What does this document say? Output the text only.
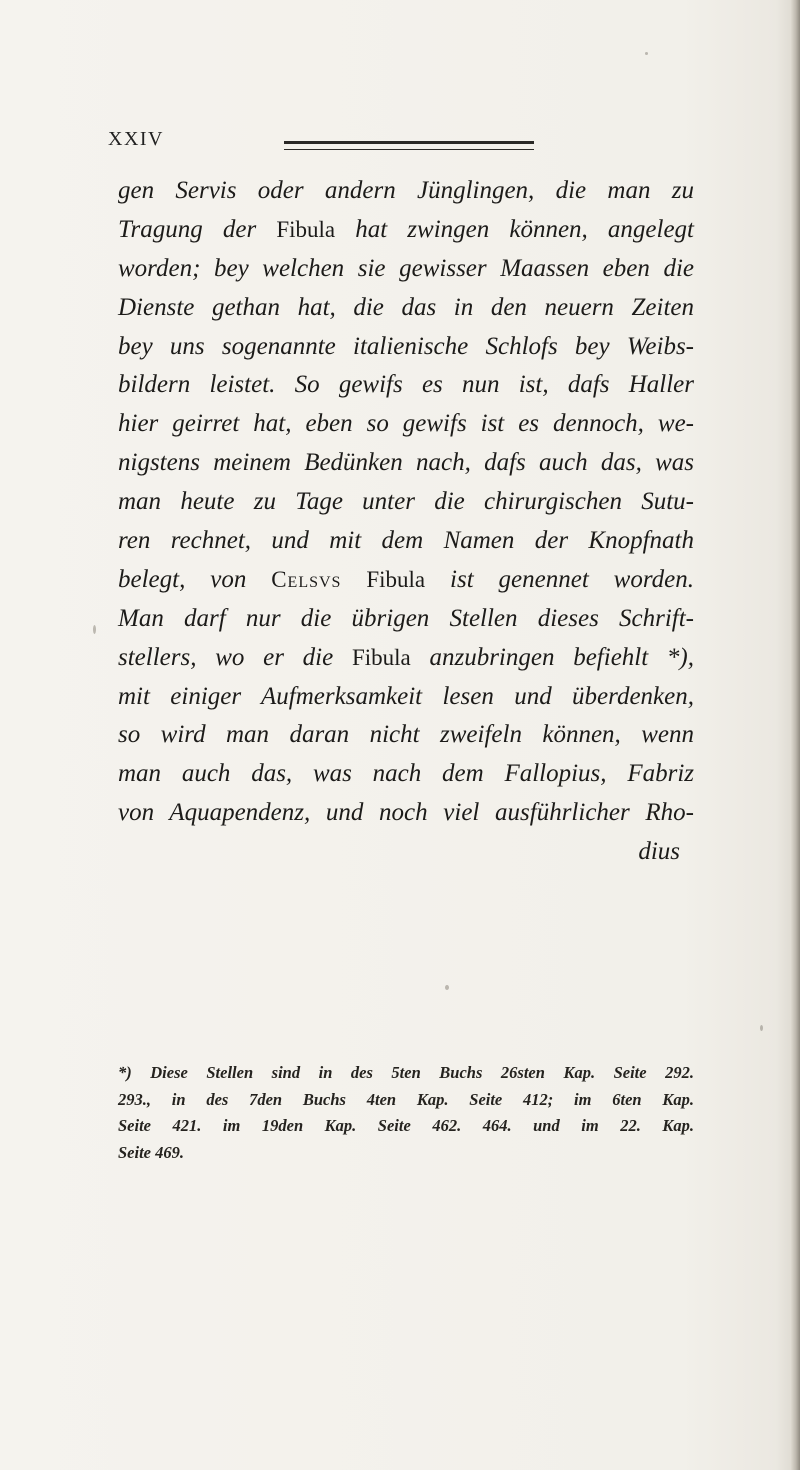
XXIV
gen Servis oder andern Jünglingen, die man zu
Tragung der Fibula hat zwingen können, angelegt
worden; bey welchen sie gewisser Maassen eben die
Dienste gethan hat, die das in den neuern Zeiten
bey uns sogenannte italienische Schlofs bey Weibs-
bildern leistet. So gewifs es nun ist, dafs Haller
hier geirret hat, eben so gewifs ist es dennoch, we-
nigstens meinem Bedünken nach, dafs auch das, was
man heute zu Tage unter die chirurgischen Sutu-
ren rechnet, und mit dem Namen der Knopfnath
belegt, von Celsvs Fibula ist genennet worden.
Man darf nur die übrigen Stellen dieses Schrift-
stellers, wo er die Fibula anzubringen befiehlt *),
mit einiger Aufmerksamkeit lesen und überdenken,
so wird man daran nicht zweifeln können, wenn
man auch das, was nach dem Fallopius, Fabriz
von Aquapendenz, und noch viel ausführlicher Rho-
dius
*) Diese Stellen sind in des 5ten Buchs 26sten Kap. Seite 292.
293., in des 7den Buchs 4ten Kap. Seite 412; im 6ten Kap.
Seite 421. im 19den Kap. Seite 462. 464. und im 22. Kap.
Seite 469.
